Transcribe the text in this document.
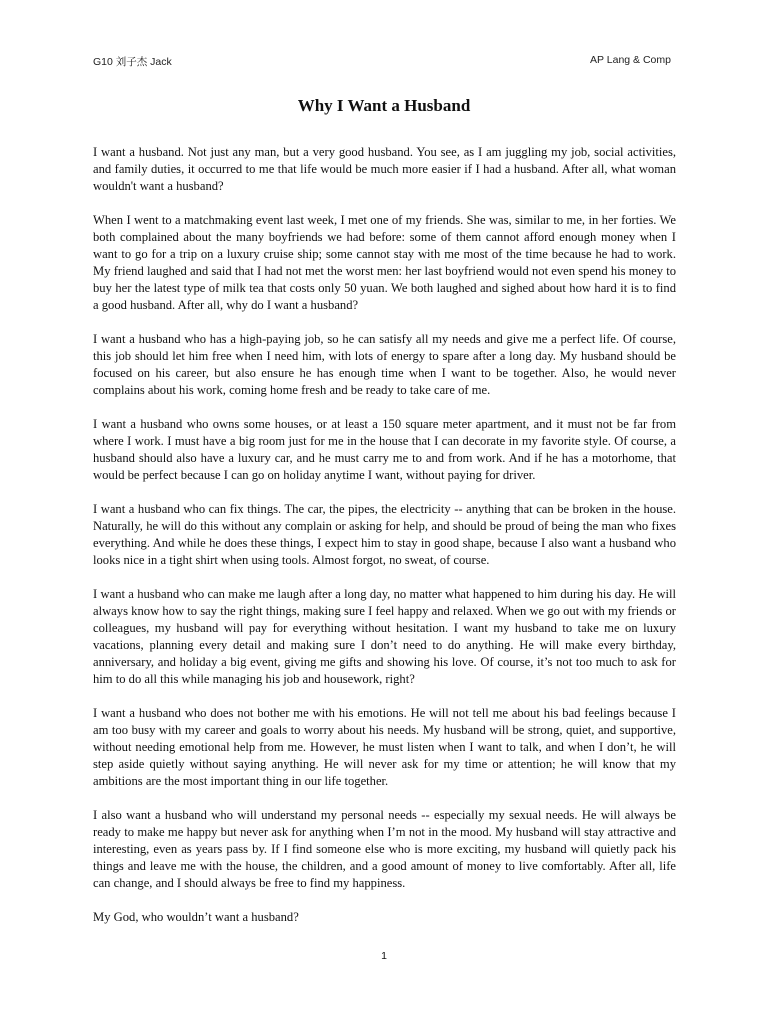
G10 刘子杰 Jack	AP Lang & Comp
Why I Want a Husband

I want a husband. Not just any man, but a very good husband. You see, as I am juggling my job, social activities, and family duties, it occurred to me that life would be much more easier if I had a husband. After all, what woman wouldn't want a husband?

When I went to a matchmaking event last week, I met one of my friends. She was, similar to me, in her forties. We both complained about the many boyfriends we had before: some of them cannot afford enough money when I want to go for a trip on a luxury cruise ship; some cannot stay with me most of the time because he had to work. My friend laughed and said that I had not met the worst men: her last boyfriend would not even spend his money to buy her the latest type of milk tea that costs only 50 yuan. We both laughed and sighed about how hard it is to find a good husband. After all, why do I want a husband?

I want a husband who has a high-paying job, so he can satisfy all my needs and give me a perfect life. Of course, this job should let him free when I need him, with lots of energy to spare after a long day. My husband should be focused on his career, but also ensure he has enough time when I want to be together. Also, he would never complains about his work, coming home fresh and be ready to take care of me.

I want a husband who owns some houses, or at least a 150 square meter apartment, and it must not be far from where I work. I must have a big room just for me in the house that I can decorate in my favorite style. Of course, a husband should also have a luxury car, and he must carry me to and from work. And if he has a motorhome, that would be perfect because I can go on holiday anytime I want, without paying for driver.

I want a husband who can fix things. The car, the pipes, the electricity -- anything that can be broken in the house. Naturally, he will do this without any complain or asking for help, and should be proud of being the man who fixes everything. And while he does these things, I expect him to stay in good shape, because I also want a husband who looks nice in a tight shirt when using tools. Almost forgot, no sweat, of course.

I want a husband who can make me laugh after a long day, no matter what happened to him during his day. He will always know how to say the right things, making sure I feel happy and relaxed. When we go out with my friends or colleagues, my husband will pay for everything without hesitation. I want my husband to take me on luxury vacations, planning every detail and making sure I don’t need to do anything. He will make every birthday, anniversary, and holiday a big event, giving me gifts and showing his love. Of course, it’s not too much to ask for him to do all this while managing his job and housework, right?

I want a husband who does not bother me with his emotions. He will not tell me about his bad feelings because I am too busy with my career and goals to worry about his needs. My husband will be strong, quiet, and supportive, without needing emotional help from me. However, he must listen when I want to talk, and when I don’t, he will step aside quietly without saying anything. He will never ask for my time or attention; he will know that my ambitions are the most important thing in our life together.

I also want a husband who will understand my personal needs -- especially my sexual needs. He will always be ready to make me happy but never ask for anything when I’m not in the mood. My husband will stay attractive and interesting, even as years pass by. If I find someone else who is more exciting, my husband will quietly pack his things and leave me with the house, the children, and a good amount of money to live comfortably. After all, life can change, and I should always be free to find my happiness.

My God, who wouldn’t want a husband?

1
